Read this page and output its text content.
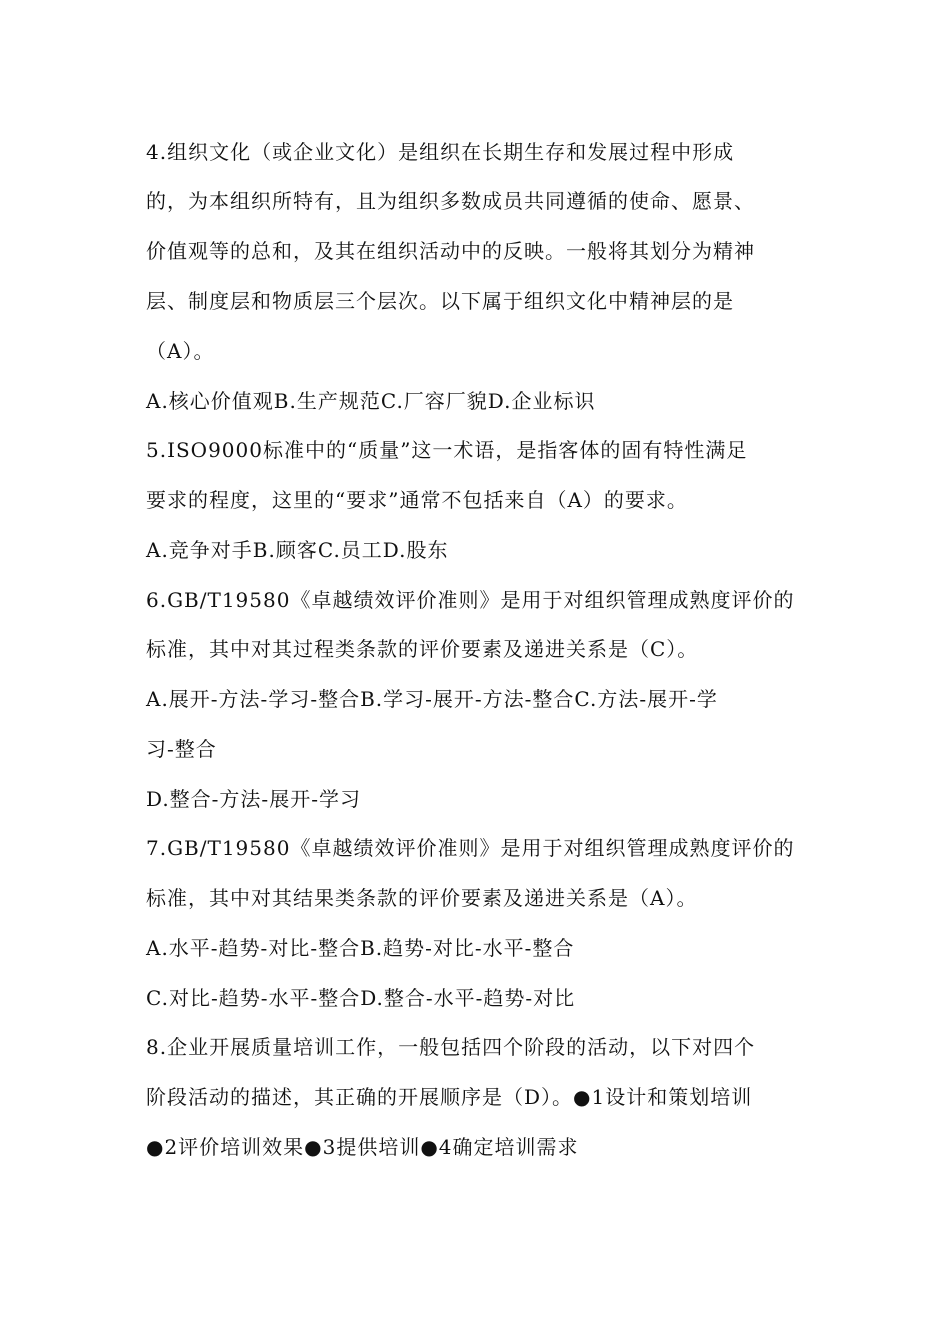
4.组织文化（或企业文化）是组织在长期生存和发展过程中形成
的，为本组织所特有，且为组织多数成员共同遵循的使命、愿景、
价值观等的总和，及其在组织活动中的反映。一般将其划分为精神
层、制度层和物质层三个层次。以下属于组织文化中精神层的是
（A）。
A.核心价值观B.生产规范C.厂容厂貌D.企业标识
5.ISO9000标准中的“质量”这一术语，是指客体的固有特性满足
要求的程度，这里的“要求”通常不包括来自（A）的要求。
A.竞争对手B.顾客C.员工D.股东
6.GB/T19580《卓越绩效评价准则》是用于对组织管理成熟度评价的
标准，其中对其过程类条款的评价要素及递进关系是（C）。
A.展开-方法-学习-整合B.学习-展开-方法-整合C.方法-展开-学
习-整合
D.整合-方法-展开-学习
7.GB/T19580《卓越绩效评价准则》是用于对组织管理成熟度评价的
标准，其中对其结果类条款的评价要素及递进关系是（A）。
A.水平-趋势-对比-整合B.趋势-对比-水平-整合
C.对比-趋势-水平-整合D.整合-水平-趋势-对比
8.企业开展质量培训工作，一般包括四个阶段的活动，以下对四个
阶段活动的描述，其正确的开展顺序是（D）。●1设计和策划培训
●2评价培训效果●3提供培训●4确定培训需求
